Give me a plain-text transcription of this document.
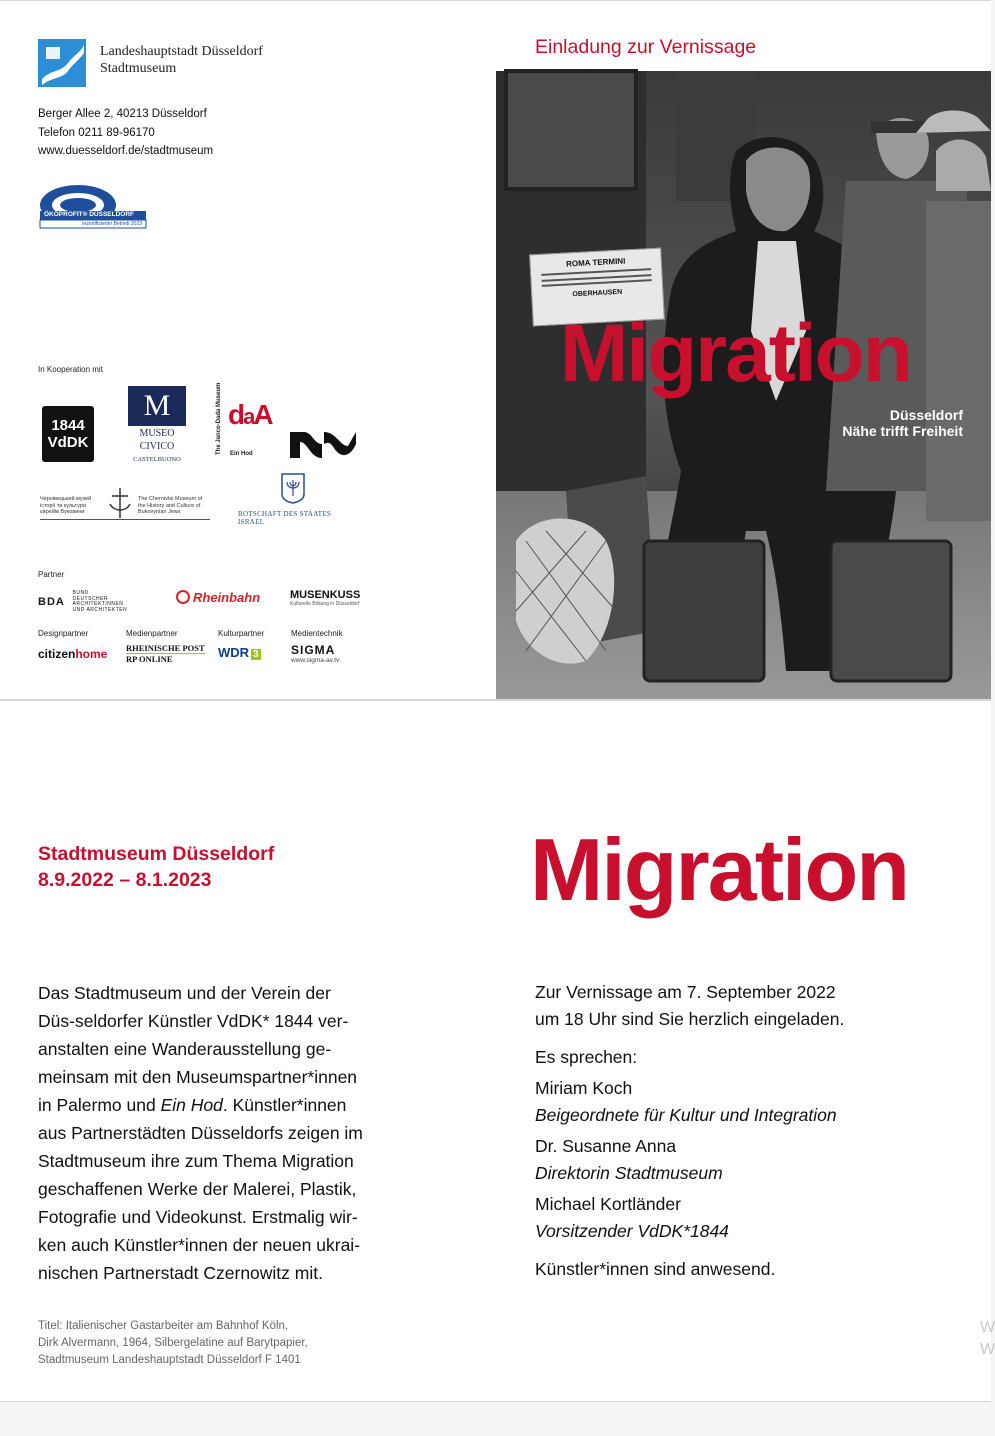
Landeshauptstadt Düsseldorf
Stadtmuseum
Berger Allee 2, 40213 Düsseldorf
Telefon 0211 89-96170
www.duesseldorf.de/stadtmuseum
ÖKOPROFIT® DÜSSELDORF
rezertifizierter Betrieb 2023
In Kooperation mit
1844
VdDK
M
MUSEO
CIVICO
CASTELBUONO
The Janco-Dada Museum daA
Ein Hod
Чернівецький музей історії та культури єврейів Буковини
The Chernivtsi Museum of the History and Culture of Bukovynian Jews	BOTSCHAFT DES STAATES ISRAEL
Partner
BDA
BUND
DEUTSCHER
ARCHITEKTINNEN
UND ARCHITEKTEN
Rheinbahn	MUSENKUSS
Kulturelle Bildung in Düsseldorf
Designpartner	Medienpartner	Kulturpartner	Medientechnik
citizenhome RHEINISCHE POST
RP ONLINE	WDR 3	SIGMA
www.sigma-av.tv
Einladung zur Vernissage
ROMA TERMINI
OBERHAUSEN
Migration
Düsseldorf
Nähe trifft Freiheit
Stadtmuseum Düsseldorf
8.9.2022 – 8.1.2023	Migration
Das Stadtmuseum und der Verein der
Düs-seldorfer Künstler VdDK* 1844 ver-
anstalten eine Wanderausstellung ge-
meinsam mit den Museumspartner*innen
in Palermo und Ein Hod. Künstler*innen
aus Partnerstädten Düsseldorfs zeigen im
Stadtmuseum ihre zum Thema Migration
geschaffenen Werke der Malerei, Plastik,
Fotografie und Videokunst. Erstmalig wir-
ken auch Künstler*innen der neuen ukrai-
nischen Partnerstadt Czernowitz mit.

Zur Vernissage am 7. September 2022

um 18 Uhr sind Sie herzlich eingeladen.

Es sprechen:

Miriam Koch

Beigeordnete für Kultur und Integration

Dr. Susanne Anna

Direktorin Stadtmuseum

Michael Kortländer

Vorsitzender VdDK*1844

Künstler*innen sind anwesend.

Titel: Italienischer Gastarbeiter am Bahnhof Köln,
Dirk Alvermann, 1964, Silbergelatine auf Barytpapier,
Stadtmuseum Landeshauptstadt Düsseldorf F 1401
W
W
